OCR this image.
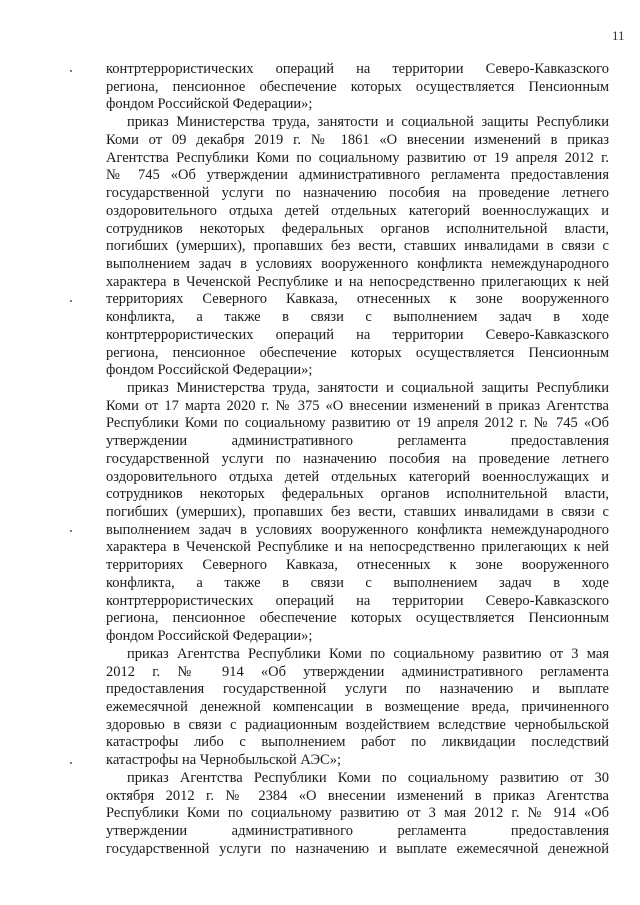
11
контртеррористических операций на территории Северо-Кавказского
региона, пенсионное обеспечение которых осуществляется Пенсионным
фондом Российской Федерации»;
приказ Министерства труда, занятости и социальной защиты Республики
Коми от 09 декабря 2019 г. № 1861 «О внесении изменений в приказ
Агентства Республики Коми по социальному развитию от 19 апреля 2012 г.
№ 745 «Об утверждении административного регламента предоставления
государственной услуги по назначению пособия на проведение летнего
оздоровительного отдыха детей отдельных категорий военнослужащих и
сотрудников некоторых федеральных органов исполнительной власти,
погибших (умерших), пропавших без вести, ставших инвалидами в связи с
выполнением задач в условиях вооруженного конфликта немеждународного
характера в Чеченской Республике и на непосредственно прилегающих к ней
территориях Северного Кавказа, отнесенных к зоне вооруженного
конфликта, а также в связи с выполнением задач в ходе
контртеррористических операций на территории Северо-Кавказского
региона, пенсионное обеспечение которых осуществляется Пенсионным
фондом Российской Федерации»;
приказ Министерства труда, занятости и социальной защиты Республики
Коми от 17 марта 2020 г. № 375 «О внесении изменений в приказ Агентства
Республики Коми по социальному развитию от 19 апреля 2012 г. № 745 «Об
утверждении административного регламента предоставления
государственной услуги по назначению пособия на проведение летнего
оздоровительного отдыха детей отдельных категорий военнослужащих и
сотрудников некоторых федеральных органов исполнительной власти,
погибших (умерших), пропавших без вести, ставших инвалидами в связи с
выполнением задач в условиях вооруженного конфликта немеждународного
характера в Чеченской Республике и на непосредственно прилегающих к ней
территориях Северного Кавказа, отнесенных к зоне вооруженного
конфликта, а также в связи с выполнением задач в ходе
контртеррористических операций на территории Северо-Кавказского
региона, пенсионное обеспечение которых осуществляется Пенсионным
фондом Российской Федерации»;
приказ Агентства Республики Коми по социальному развитию от 3 мая
2012 г. № 914 «Об утверждении административного регламента
предоставления государственной услуги по назначению и выплате
ежемесячной денежной компенсации в возмещение вреда, причиненного
здоровью в связи с радиационным воздействием вследствие чернобыльской
катастрофы либо с выполнением работ по ликвидации последствий
катастрофы на Чернобыльской АЭС»;
приказ Агентства Республики Коми по социальному развитию от 30
октября 2012 г. № 2384 «О внесении изменений в приказ Агентства
Республики Коми по социальному развитию от 3 мая 2012 г. № 914 «Об
утверждении административного регламента предоставления
государственной услуги по назначению и выплате ежемесячной денежной
